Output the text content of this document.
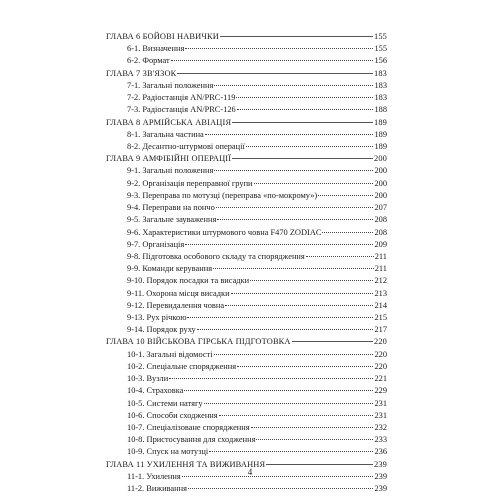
ГЛАВА 6 БОЙОВІ НАВИЧКИ	155
6-1. Визначення	155
6-2. Формат	156
ГЛАВА 7 ЗВ'ЯЗОК	183
7-1. Загальні положення	183
7-2. Радіостанція AN/PRC-119	183
7-3. Радіостанція AN/PRC-126	188
ГЛАВА 8 АРМІЙСЬКА АВІАЦІЯ	189
8-1. Загальна частина	189
8-2. Десантно-штурмові операції	189
ГЛАВА 9 АМФІБІЙНІ ОПЕРАЦІЇ	200
9-1. Загальні положення	200
9-2. Організація переправної групи	200
9-3. Переправа по мотузці (переправа «по-мокрому»)	200
9-4. Переправи на пончо	207
9-5. Загальне зауваження	208
9-6. Характеристики штурмового човна F470 ZODIAC	208
9-7. Організація	209
9-8. Підготовка особового складу та спорядження	211
9-9. Команди керування	211
9-10. Порядок посадки та висадки	212
9-11. Охорона місця висадки	213
9-12. Перевидалення човна	214
9-13. Рух річкою	215
9-14. Порядок руху	217
ГЛАВА 10 ВІЙСЬКОВА ГІРСЬКА ПІДГОТОВКА	220
10-1. Загальні відомості	220
10-2. Спеціальне спорядження	220
10-3. Вузли	221
10-4. Страховка	229
10-5. Системи натягу	231
10-6. Способи сходження	231
10-7. Спеціалізоване спорядження	232
10-8. Пристосування для сходження	233
10-9. Спуск на мотузці	236
ГЛАВА 11 УХИЛЕННЯ ТА ВИЖИВАННЯ	239
11-1. Ухилення	239
11-2. Виживання	239
4
